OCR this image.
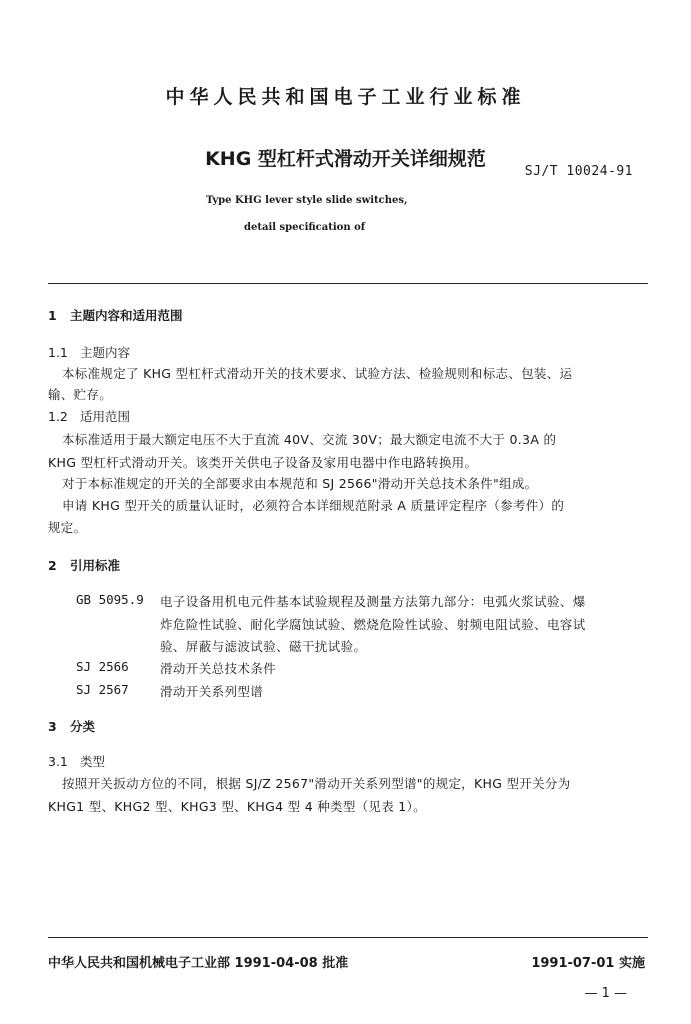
中华人民共和国电子工业行业标准
KHG 型杠杆式滑动开关详细规范
SJ/T 10024-91
Type KHG lever style slide switches,
detail specification of
1 主题内容和适用范围
1.1 主题内容
本标准规定了 KHG 型杠杆式滑动开关的技术要求、试验方法、检验规则和标志、包装、运
输、贮存。
1.2 适用范围
本标准适用于最大额定电压不大于直流 40V、交流 30V；最大额定电流不大于 0.3A 的
KHG 型杠杆式滑动开关。该类开关供电子设备及家用电器中作电路转换用。
对于本标准规定的开关的全部要求由本规范和 SJ 2566"滑动开关总技术条件"组成。
申请 KHG 型开关的质量认证时，必须符合本详细规范附录 A 质量评定程序（参考件）的
规定。
2 引用标准
GB 5095.9 电子设备用机电元件基本试验规程及测量方法第九部分：电弧火浆试验、爆
炸危险性试验、耐化学腐蚀试验、燃烧危险性试验、射频电阻试验、电容试
验、屏蔽与滤波试验、磁干扰试验。
SJ 2566	滑动开关总技术条件
SJ 2567	滑动开关系列型谱
3 分类
3.1 类型
按照开关扳动方位的不同，根据 SJ/Z 2567"滑动开关系列型谱"的规定，KHG 型开关分为
KHG1 型、KHG2 型、KHG3 型、KHG4 型 4 种类型（见表 1）。
中华人民共和国机械电子工业部 1991-04-08 批准	1991-07-01 实施
— 1 —
